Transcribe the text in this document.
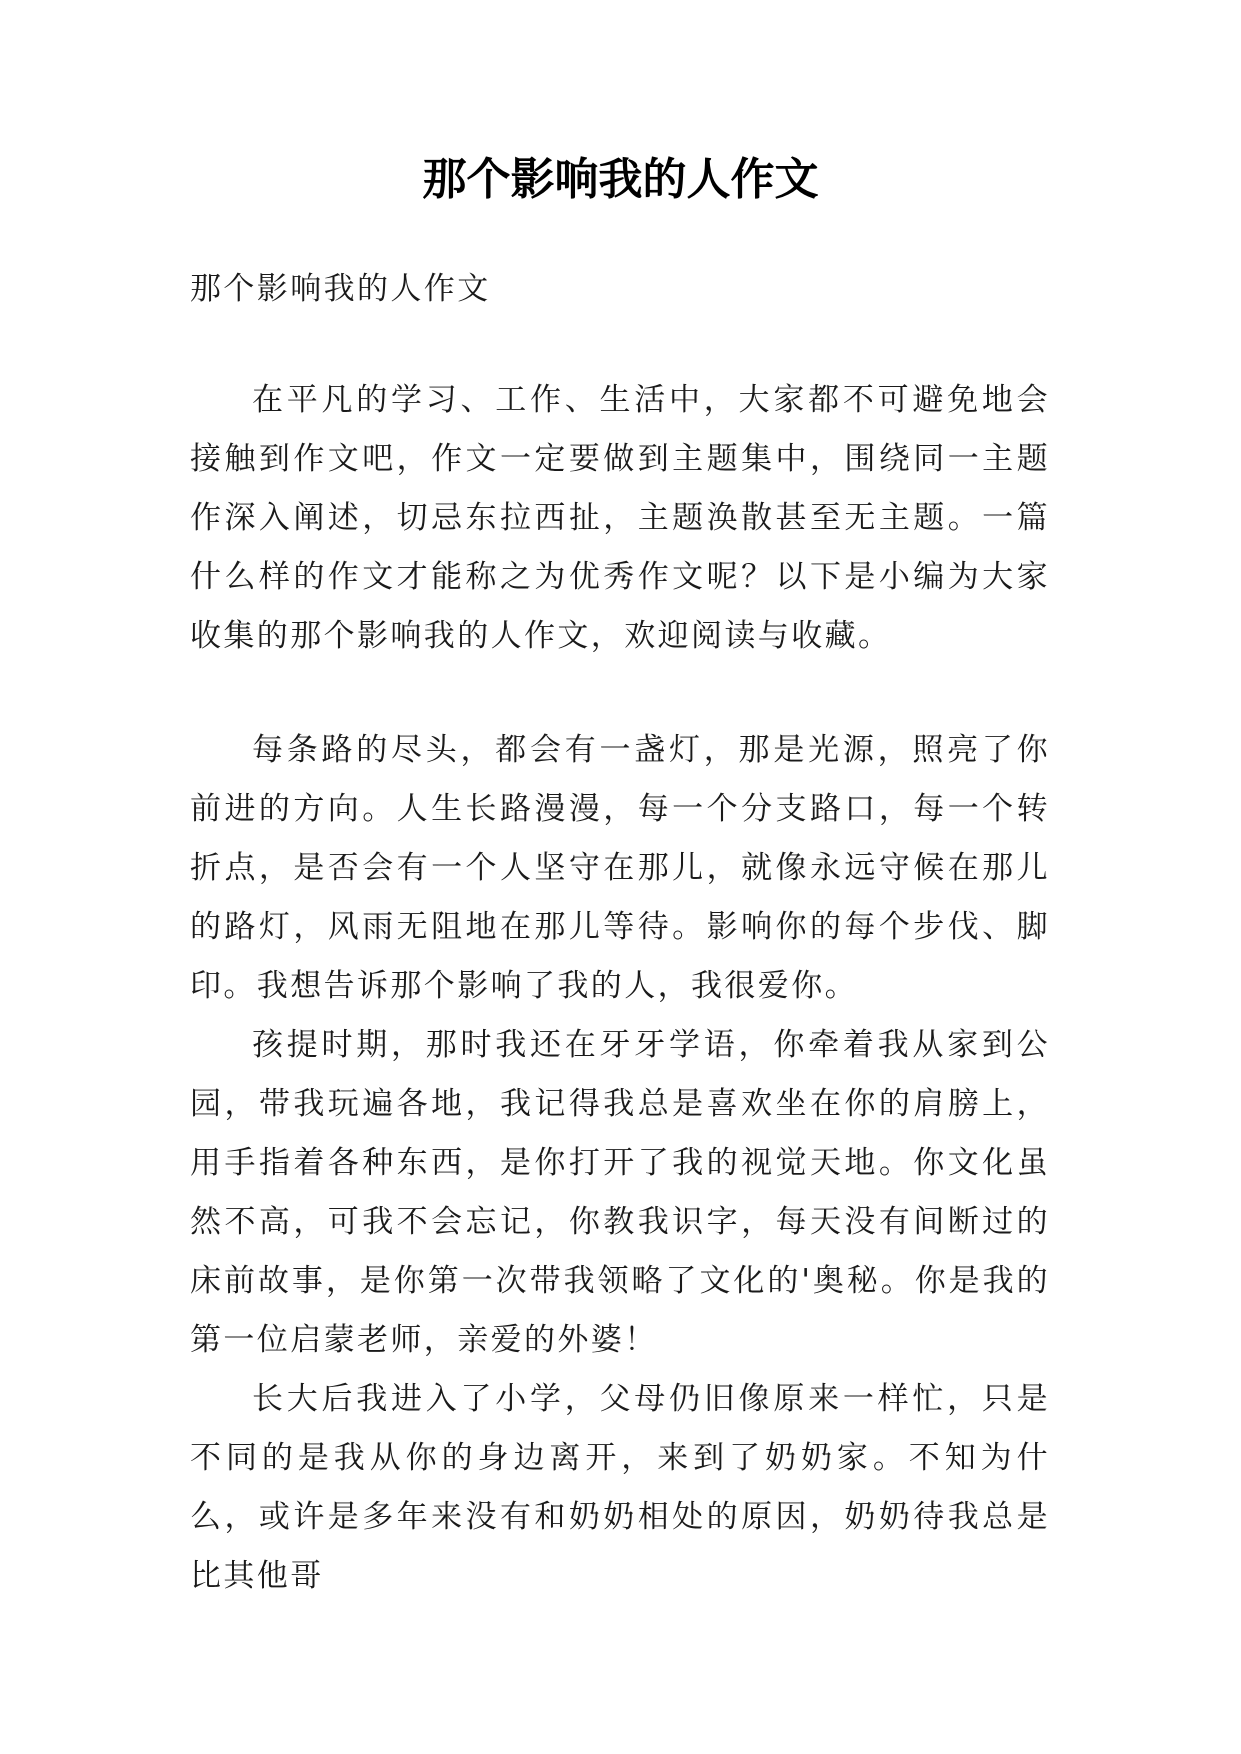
那个影响我的人作文

那个影响我的人作文

在平凡的学习、工作、生活中，大家都不可避免地会接触到作文吧，作文一定要做到主题集中，围绕同一主题作深入阐述，切忌东拉西扯，主题涣散甚至无主题。一篇什么样的作文才能称之为优秀作文呢？以下是小编为大家收集的那个影响我的人作文，欢迎阅读与收藏。

每条路的尽头，都会有一盏灯，那是光源，照亮了你前进的方向。人生长路漫漫，每一个分支路口，每一个转折点，是否会有一个人坚守在那儿，就像永远守候在那儿的路灯，风雨无阻地在那儿等待。影响你的每个步伐、脚印。我想告诉那个影响了我的人，我很爱你。

孩提时期，那时我还在牙牙学语，你牵着我从家到公园，带我玩遍各地，我记得我总是喜欢坐在你的肩膀上，用手指着各种东西，是你打开了我的视觉天地。你文化虽然不高，可我不会忘记，你教我识字，每天没有间断过的床前故事，是你第一次带我领略了文化的'奥秘。你是我的第一位启蒙老师，亲爱的外婆！

长大后我进入了小学，父母仍旧像原来一样忙，只是不同的是我从你的身边离开，来到了奶奶家。不知为什么，或许是多年来没有和奶奶相处的原因，奶奶待我总是比其他哥
